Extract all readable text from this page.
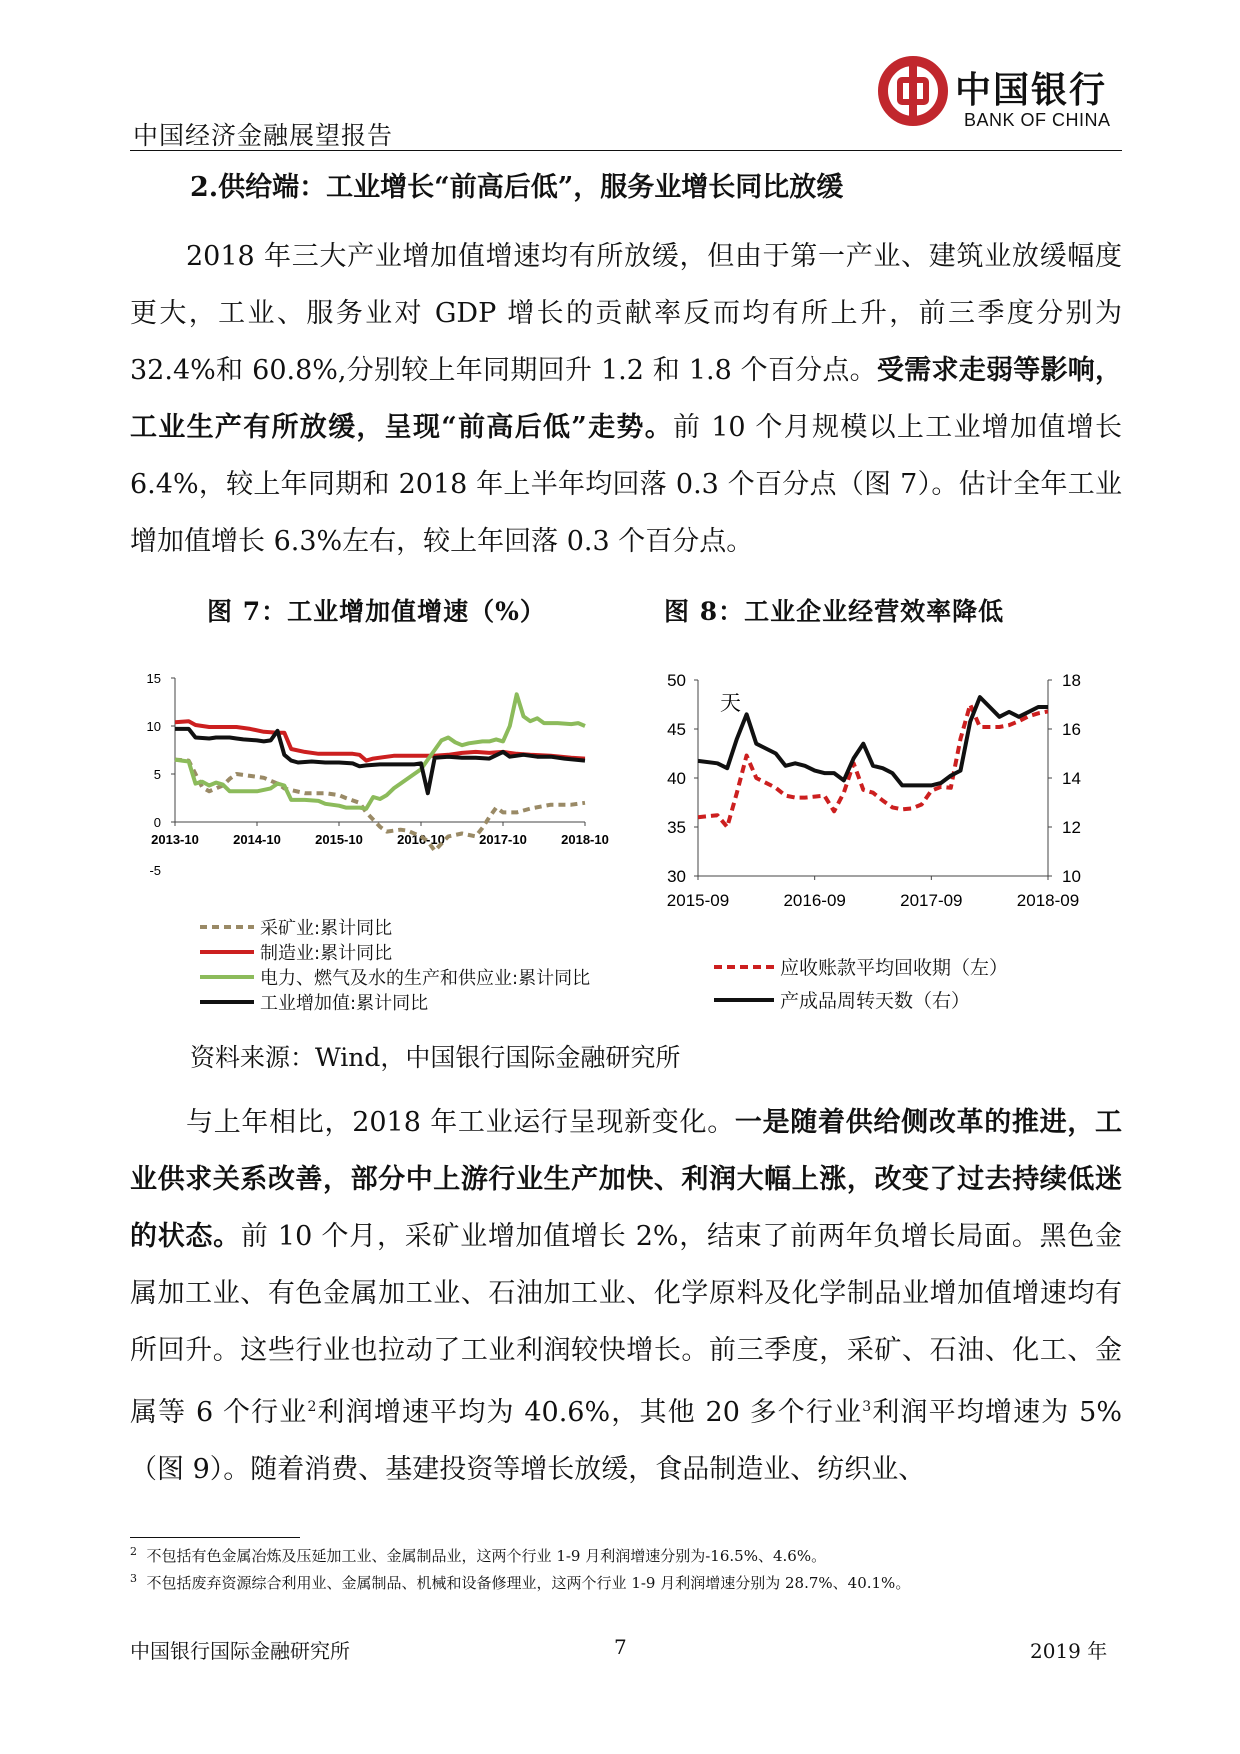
中国经济金融展望报告
中国银行
BANK OF CHINA
2.供给端：工业增长“前高后低”，服务业增长同比放缓

2018 年三大产业增加值增速均有所放缓，但由于第一产业、建筑业放缓幅度更大，工业、服务业对 GDP 增长的贡献率反而均有所上升，前三季度分别为 32.4%和 60.8%,分别较上年同期回升 1.2 和 1.8 个百分点。受需求走弱等影响，工业生产有所放缓，呈现“前高后低”走势。前 10 个月规模以上工业增加值增长 6.4%，较上年同期和 2018 年上半年均回落 0.3 个百分点（图 7）。估计全年工业增加值增长 6.3%左右，较上年回落 0.3 个百分点。

图 7：工业增加值增速（%）	图 8：工业企业经营效率降低
-5
0
5
10
15
2013-10	2014-10	2015-10	2016-10	2017-10	2018-10
采矿业:累计同比
制造业:累计同比
电力、燃气及水的生产和供应业:累计同比
工业增加值:累计同比
30
35
40
45
50
10
12
14
16
18
2015-09	2016-09	2017-09	2018-09
天
应收账款平均回收期（左）
产成品周转天数（右）
资料来源：Wind，中国银行国际金融研究所

与上年相比，2018 年工业运行呈现新变化。一是随着供给侧改革的推进，工业供求关系改善，部分中上游行业生产加快、利润大幅上涨，改变了过去持续低迷的状态。前 10 个月，采矿业增加值增长 2%，结束了前两年负增长局面。黑色金属加工业、有色金属加工业、石油加工业、化学原料及化学制品业增加值增速均有所回升。这些行业也拉动了工业利润较快增长。前三季度，采矿、石油、化工、金属等 6 个行业$^2$利润增速平均为 40.6%，其他 20 多个行业$^3$利润平均增速为 5%（图 9）。随着消费、基建投资等增长放缓，食品制造业、纺织业、

$^2$ 不包括有色金属冶炼及压延加工业、金属制品业，这两个行业 1-9 月利润增速分别为-16.5%、4.6%。
$^3$ 不包括废弃资源综合利用业、金属制品、机械和设备修理业，这两个行业 1-9 月利润增速分别为 28.7%、40.1%。
中国银行国际金融研究所	7	2019 年
